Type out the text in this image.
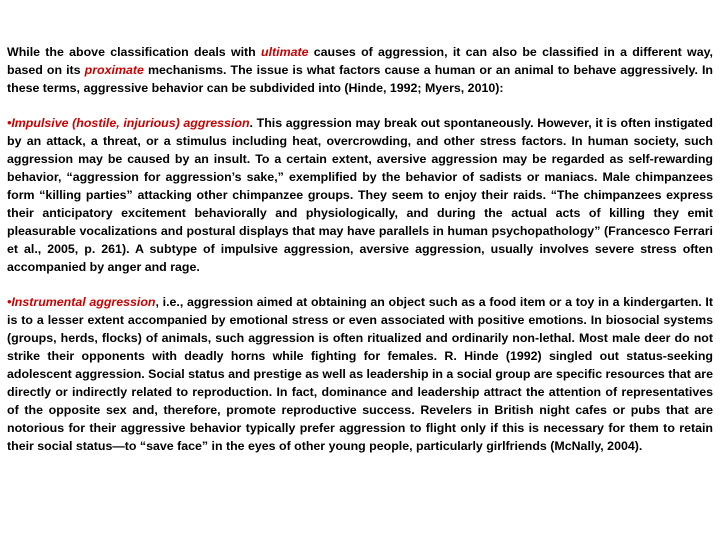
While the above classification deals with ultimate causes of aggression, it can also be classified in a different way, based on its proximate mechanisms. The issue is what factors cause a human or an animal to behave aggressively. In these terms, aggressive behavior can be subdivided into (Hinde, 1992; Myers, 2010):

•Impulsive (hostile, injurious) aggression. This aggression may break out spontaneously. However, it is often instigated by an attack, a threat, or a stimulus including heat, overcrowding, and other stress factors. In human society, such aggression may be caused by an insult. To a certain extent, aversive aggression may be regarded as self-rewarding behavior, “aggression for aggression’s sake,” exemplified by the behavior of sadists or maniacs. Male chimpanzees form “killing parties” attacking other chimpanzee groups. They seem to enjoy their raids. “The chimpanzees express their anticipatory excitement behaviorally and physiologically, and during the actual acts of killing they emit pleasurable vocalizations and postural displays that may have parallels in human psychopathology” (Francesco Ferrari et al., 2005, p. 261). A subtype of impulsive aggression, aversive aggression, usually involves severe stress often accompanied by anger and rage.

•Instrumental aggression, i.e., aggression aimed at obtaining an object such as a food item or a toy in a kindergarten. It is to a lesser extent accompanied by emotional stress or even associated with positive emotions. In biosocial systems (groups, herds, flocks) of animals, such aggression is often ritualized and ordinarily non-lethal. Most male deer do not strike their opponents with deadly horns while fighting for females. R. Hinde (1992) singled out status-seeking adolescent aggression. Social status and prestige as well as leadership in a social group are specific resources that are directly or indirectly related to reproduction. In fact, dominance and leadership attract the attention of representatives of the opposite sex and, therefore, promote reproductive success. Revelers in British night cafes or pubs that are notorious for their aggressive behavior typically prefer aggression to flight only if this is necessary for them to retain their social status—to “save face” in the eyes of other young people, particularly girlfriends (McNally, 2004).
